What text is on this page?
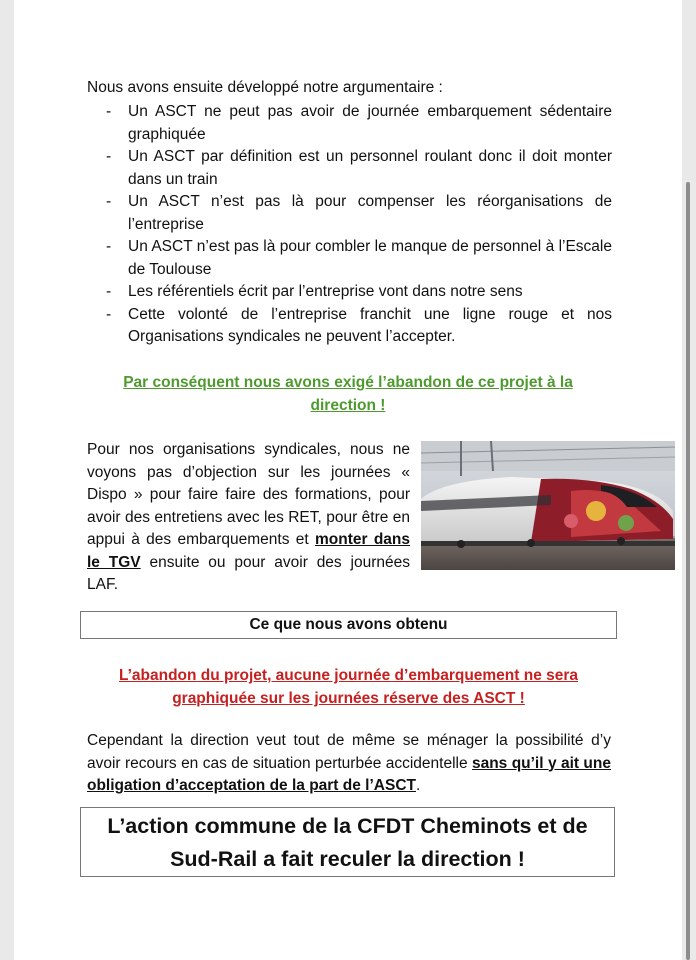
Nous avons ensuite développé notre argumentaire :
- Un ASCT ne peut pas avoir de journée embarquement sédentaire graphiquée
- Un ASCT par définition est un personnel roulant donc il doit monter dans un train
- Un ASCT n’est pas là pour compenser les réorganisations de l’entreprise
- Un ASCT n’est pas là pour combler le manque de personnel à l’Escale de Toulouse
- Les référentiels écrit par l’entreprise vont dans notre sens
- Cette volonté de l’entreprise franchit une ligne rouge et nos Organisations syndicales ne peuvent l’accepter.
Par conséquent nous avons exigé l’abandon de ce projet à la direction !
Pour nos organisations syndicales, nous ne voyons pas d’objection sur les journées « Dispo » pour faire faire des formations, pour avoir des entretiens avec les RET, pour être en appui à des embarquements et monter dans le TGV ensuite ou pour avoir des journées LAF.
Ce que nous avons obtenu
L’abandon du projet, aucune journée d’embarquement ne sera graphiquée sur les journées réserve des ASCT !
Cependant la direction veut tout de même se ménager la possibilité d’y avoir recours en cas de situation perturbée accidentelle sans qu’il y ait une obligation d’acceptation de la part de l’ASCT.
L’action commune de la CFDT Cheminots et de Sud-Rail a fait reculer la direction !
